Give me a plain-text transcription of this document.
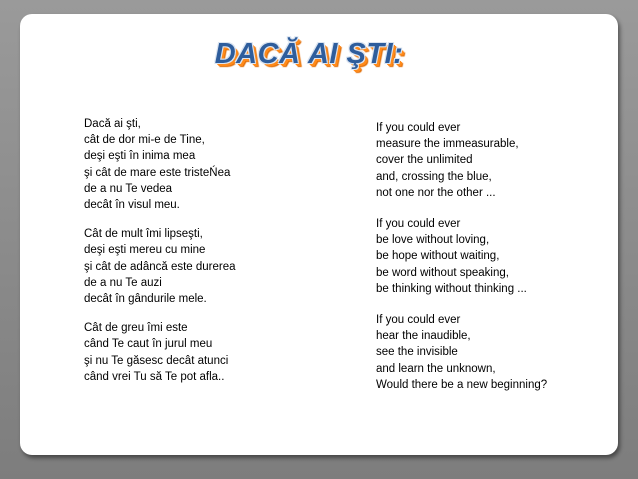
DACĂ AI ŞTI:
Dacă ai şti,
cât de dor mi-e de Tine,
deşi eşti în inima mea
şi cât de mare este tristeŃea
de a nu Te vedea
decât în visul meu.
Cât de mult îmi lipseşti,
deşi eşti mereu cu mine
şi cât de adâncă este durerea
de a nu Te auzi
decât în gândurile mele.
Cât de greu îmi este
când Te caut în jurul meu
şi nu Te găsesc decât atunci
când vrei Tu să Te pot afla..
If you could ever
measure the immeasurable,
cover the unlimited
and, crossing the blue,
not one nor the other ...
If you could ever
be love without loving,
be hope without waiting,
be word without speaking,
be thinking without thinking ...
If you could ever
hear the inaudible,
see the invisible
and learn the unknown,
Would there be a new beginning?
